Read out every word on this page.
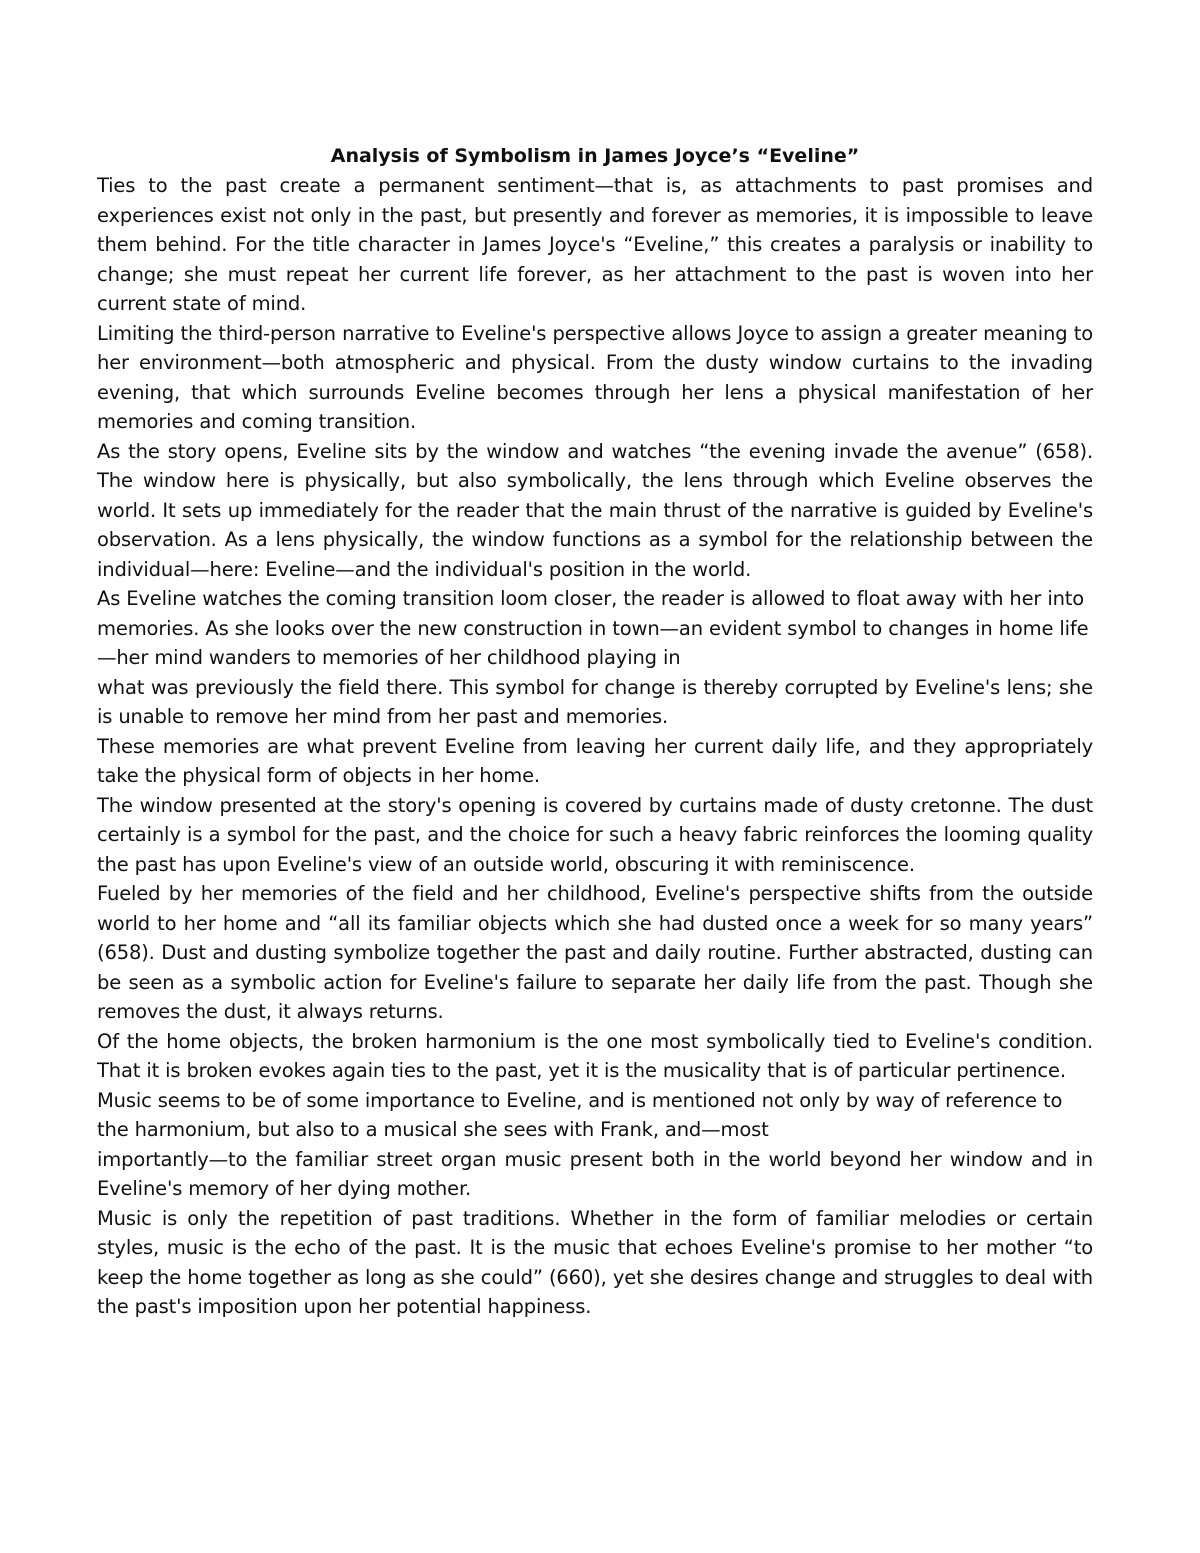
Analysis of Symbolism in James Joyce’s “Eveline”

Ties to the past create a permanent sentiment—that is, as attachments to past promises and experiences exist not only in the past, but presently and forever as memories, it is impossible to leave them behind. For the title character in James Joyce's “Eveline,” this creates a paralysis or inability to change; she must repeat her current life forever, as her attachment to the past is woven into her current state of mind.

Limiting the third-person narrative to Eveline's perspective allows Joyce to assign a greater meaning to her environment—both atmospheric and physical. From the dusty window curtains to the invading evening, that which surrounds Eveline becomes through her lens a physical manifestation of her memories and coming transition.

As the story opens, Eveline sits by the window and watches “the evening invade the avenue” (658). The window here is physically, but also symbolically, the lens through which Eveline observes the world. It sets up immediately for the reader that the main thrust of the narrative is guided by Eveline's observation. As a lens physically, the window functions as a symbol for the relationship between the individual—here: Eveline—and the individual's position in the world.

As Eveline watches the coming transition loom closer, the reader is allowed to float away with her into memories. As she looks over the new construction in town—an evident symbol to changes in home life—her mind wanders to memories of her childhood playing in

what was previously the field there. This symbol for change is thereby corrupted by Eveline's lens; she is unable to remove her mind from her past and memories.

These memories are what prevent Eveline from leaving her current daily life, and they appropriately take the physical form of objects in her home.

The window presented at the story's opening is covered by curtains made of dusty cretonne. The dust certainly is a symbol for the past, and the choice for such a heavy fabric reinforces the looming quality the past has upon Eveline's view of an outside world, obscuring it with reminiscence.

Fueled by her memories of the field and her childhood, Eveline's perspective shifts from the outside world to her home and “all its familiar objects which she had dusted once a week for so many years” (658). Dust and dusting symbolize together the past and daily routine. Further abstracted, dusting can be seen as a symbolic action for Eveline's failure to separate her daily life from the past. Though she removes the dust, it always returns.

Of the home objects, the broken harmonium is the one most symbolically tied to Eveline's condition. That it is broken evokes again ties to the past, yet it is the musicality that is of particular pertinence.

Music seems to be of some importance to Eveline, and is mentioned not only by way of reference to the harmonium, but also to a musical she sees with Frank, and—most

importantly—to the familiar street organ music present both in the world beyond her window and in Eveline's memory of her dying mother.

Music is only the repetition of past traditions. Whether in the form of familiar melodies or certain styles, music is the echo of the past. It is the music that echoes Eveline's promise to her mother “to keep the home together as long as she could” (660), yet she desires change and struggles to deal with the past's imposition upon her potential happiness.
